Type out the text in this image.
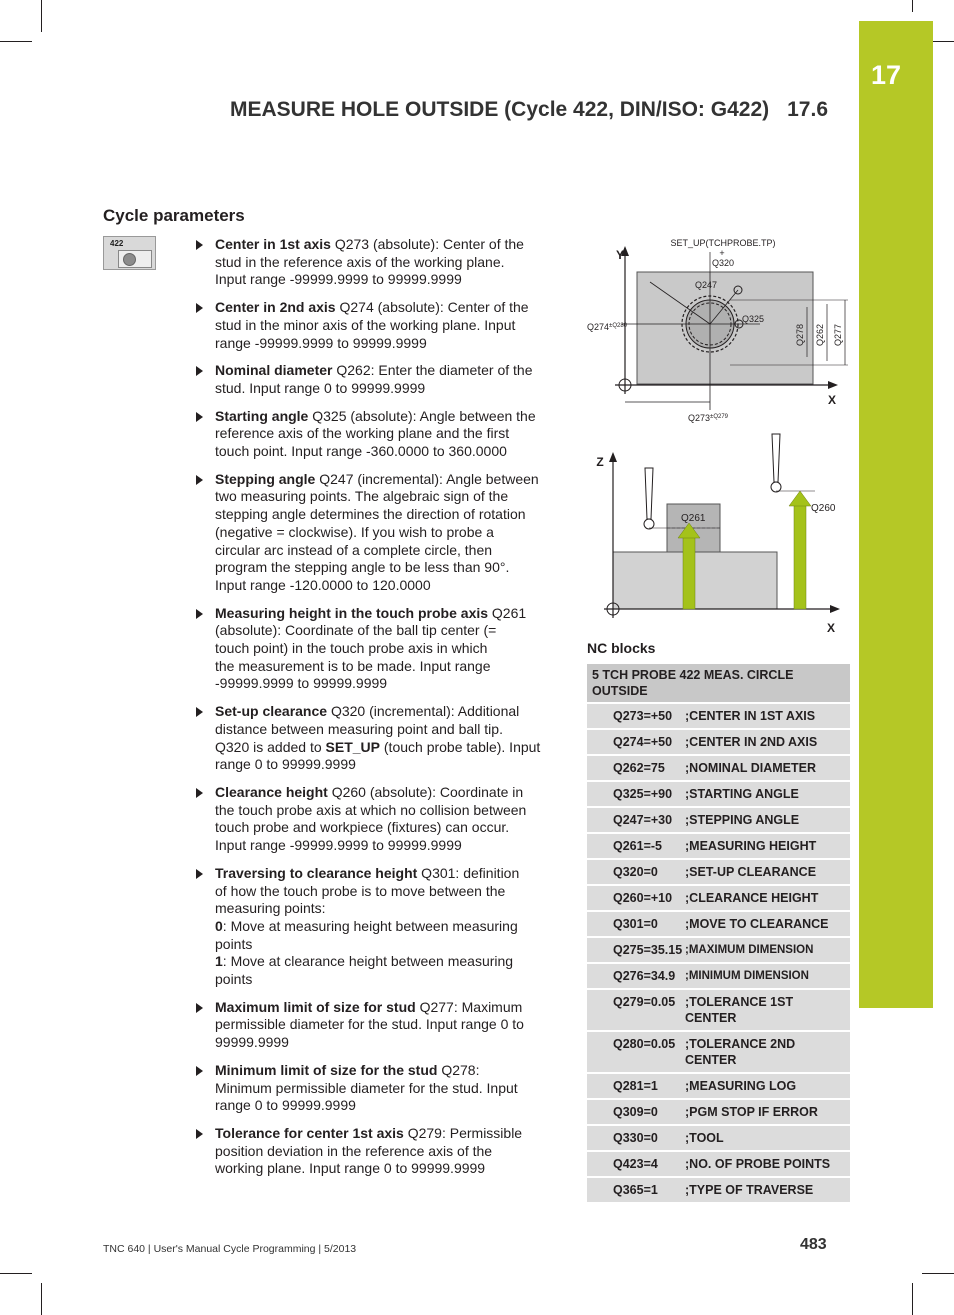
17
MEASURE HOLE OUTSIDE (Cycle 422, DIN/ISO: G422) 17.6
Cycle parameters
422	Center in 1st axis Q273 (absolute): Center of the
stud in the reference axis of the working plane.
Input range -99999.9999 to 99999.9999
Center in 2nd axis Q274 (absolute): Center of the
stud in the minor axis of the working plane. Input
range -99999.9999 to 99999.9999
Nominal diameter Q262: Enter the diameter of the
stud. Input range 0 to 99999.9999
Starting angle Q325 (absolute): Angle between the
reference axis of the working plane and the first
touch point. Input range -360.0000 to 360.0000
Stepping angle Q247 (incremental): Angle between
two measuring points. The algebraic sign of the
stepping angle determines the direction of rotation
(negative = clockwise). If you wish to probe a
circular arc instead of a complete circle, then
program the stepping angle to be less than 90°.
Input range -120.0000 to 120.0000
Measuring height in the touch probe axis Q261
(absolute): Coordinate of the ball tip center (=
touch point) in the touch probe axis in which
the measurement is to be made. Input range
-99999.9999 to 99999.9999
Set-up clearance Q320 (incremental): Additional
distance between measuring point and ball tip.
Q320 is added to SET_UP (touch probe table). Input
range 0 to 99999.9999
Clearance height Q260 (absolute): Coordinate in
the touch probe axis at which no collision between
touch probe and workpiece (fixtures) can occur.
Input range -99999.9999 to 99999.9999
Traversing to clearance height Q301: definition
of how the touch probe is to move between the
measuring points:
0: Move at measuring height between measuring
points
1: Move at clearance height between measuring
points
Maximum limit of size for stud Q277: Maximum
permissible diameter for the stud. Input range 0 to
99999.9999
Minimum limit of size for the stud Q278:
Minimum permissible diameter for the stud. Input
range 0 to 99999.9999
Tolerance for center 1st axis Q279: Permissible
position deviation in the reference axis of the
working plane. Input range 0 to 99999.9999
Y
X
SET_UP(TCHPROBE.TP)
+
Q320
Q247
Q325
Q278 Q262 Q277
$Q274^{\pm Q280}$
$Q273^{\pm Q279}$
Z
X
Q261
Q260
NC blocks
5 TCH PROBE 422 MEAS. CIRCLE
OUTSIDE	
Q273=+50	;CENTER IN 1ST AXIS
Q274=+50	;CENTER IN 2ND AXIS
Q262=75	;NOMINAL DIAMETER
Q325=+90	;STARTING ANGLE
Q247=+30	;STEPPING ANGLE
Q261=-5	;MEASURING HEIGHT
Q320=0	;SET-UP CLEARANCE
Q260=+10	;CLEARANCE HEIGHT
Q301=0	;MOVE TO CLEARANCE
Q275=35.15	;MAXIMUM DIMENSION
Q276=34.9	;MINIMUM DIMENSION
Q279=0.05	;TOLERANCE 1ST
CENTER
Q280=0.05	;TOLERANCE 2ND
CENTER
Q281=1	;MEASURING LOG
Q309=0	;PGM STOP IF ERROR
Q330=0	;TOOL
Q423=4	;NO. OF PROBE POINTS
Q365=1	;TYPE OF TRAVERSE
TNC 640 | User's Manual Cycle Programming | 5/2013	483
